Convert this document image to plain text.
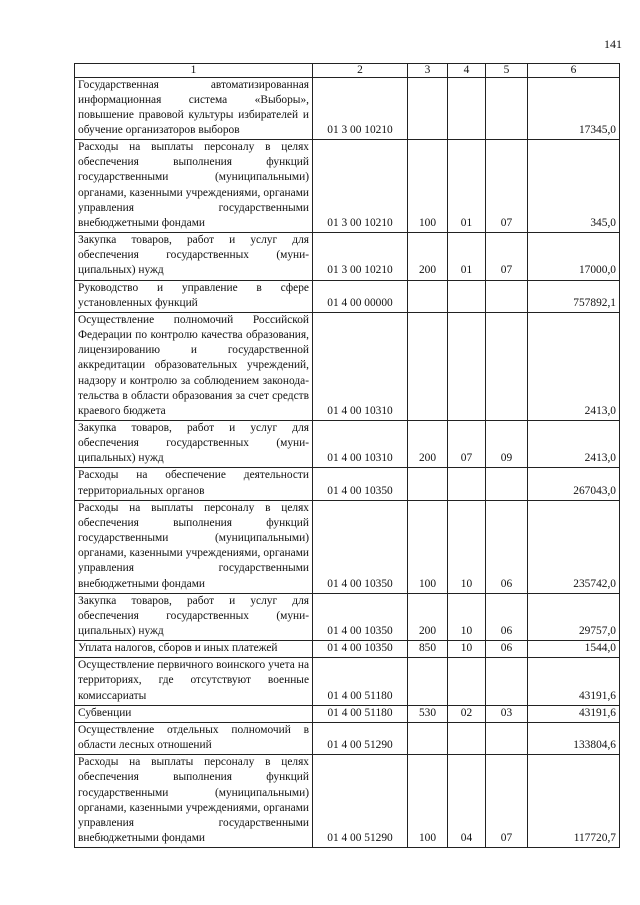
141
1	2	3	4	5	6
Государственная автоматизированная информационная система «Выборы», повышение правовой культуры избирателей и обучение организаторов выборов	01 3 00 10210				17345,0
Расходы на выплаты персоналу в целях обеспечения выполнения функций государственными (муниципальными) органами, казенными учреждениями, органами управления государственными внебюджетными фондами	01 3 00 10210	100	01	07	345,0
Закупка товаров, работ и услуг для обеспечения государственных (муниципальных) нужд	01 3 00 10210	200	01	07	17000,0
Руководство и управление в сфере установленных функций	01 4 00 00000				757892,1
Осуществление полномочий Российской Федерации по контролю качества образования, лицензированию и государственной аккредитации образовательных учреждений, надзору и контролю за соблюдением законодательства в области образования за счет средств краевого бюджета	01 4 00 10310				2413,0
Закупка товаров, работ и услуг для обеспечения государственных (муниципальных) нужд	01 4 00 10310	200	07	09	2413,0
Расходы на обеспечение деятельности территориальных органов	01 4 00 10350				267043,0
Расходы на выплаты персоналу в целях обеспечения выполнения функций государственными (муниципальными) органами, казенными учреждениями, органами управления государственными внебюджетными фондами	01 4 00 10350	100	10	06	235742,0
Закупка товаров, работ и услуг для обеспечения государственных (муниципальных) нужд	01 4 00 10350	200	10	06	29757,0
Уплата налогов, сборов и иных платежей	01 4 00 10350	850	10	06	1544,0
Осуществление первичного воинского учета на территориях, где отсутствуют военные комиссариаты	01 4 00 51180				43191,6
Субвенции	01 4 00 51180	530	02	03	43191,6
Осуществление отдельных полномочий в области лесных отношений	01 4 00 51290				133804,6
Расходы на выплаты персоналу в целях обеспечения выполнения функций государственными (муниципальными) органами, казенными учреждениями, органами управления государственными внебюджетными фондами	01 4 00 51290	100	04	07	117720,7
